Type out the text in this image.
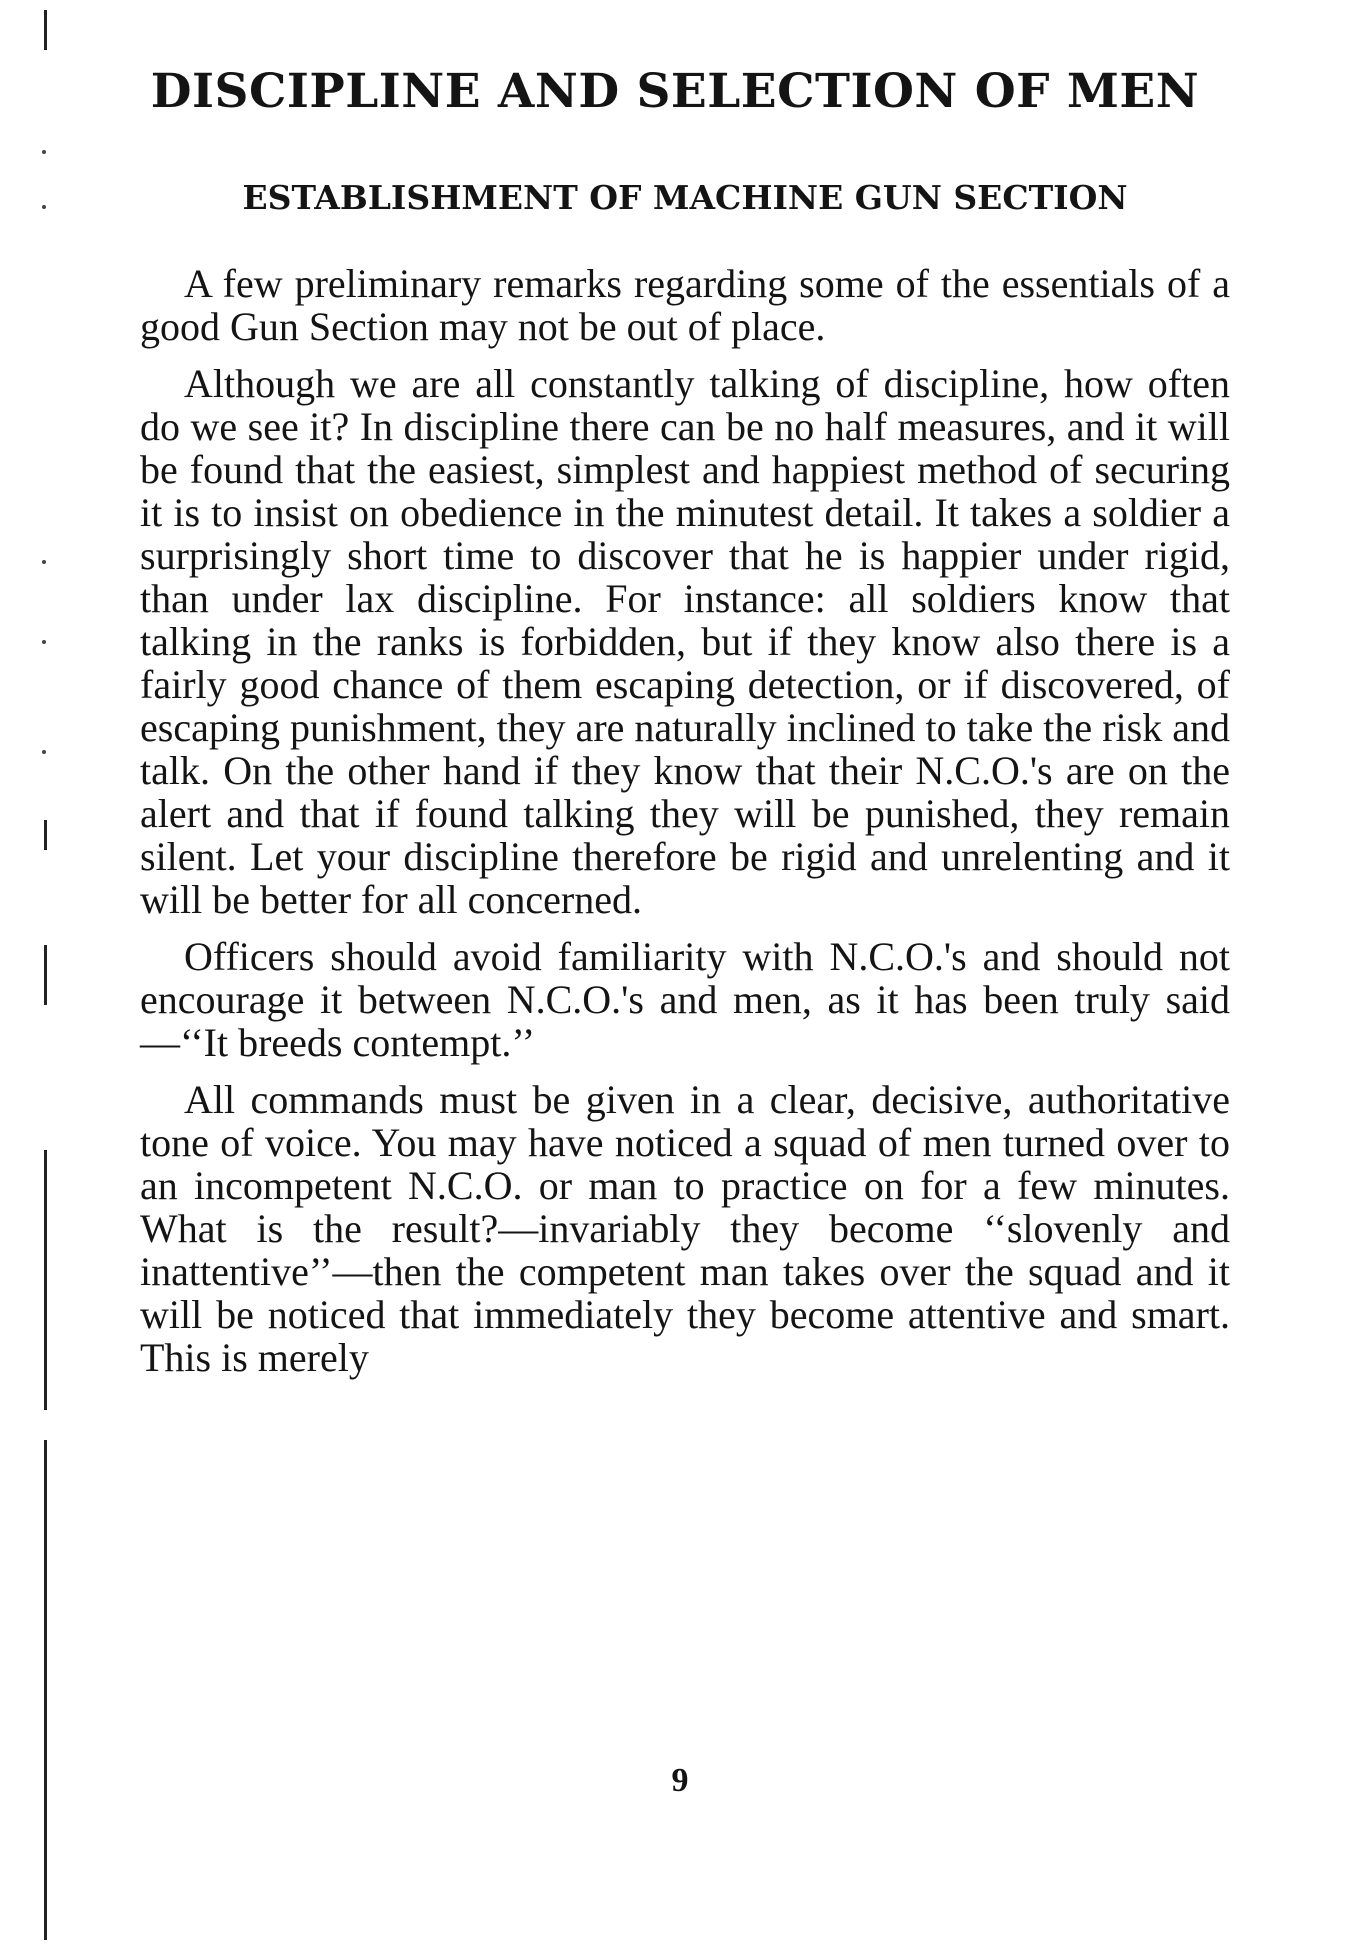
DISCIPLINE AND SELECTION OF MEN
ESTABLISHMENT OF MACHINE GUN SECTION

A few preliminary remarks regarding some of the essentials of a good Gun Section may not be out of place.

Although we are all constantly talking of discipline, how often do we see it? In discipline there can be no half measures, and it will be found that the easiest, simplest and happiest method of securing it is to insist on obedience in the minutest detail. It takes a soldier a surprisingly short time to discover that he is happier under rigid, than under lax discipline. For instance: all soldiers know that talking in the ranks is forbidden, but if they know also there is a fairly good chance of them escaping detection, or if discovered, of escaping punishment, they are naturally inclined to take the risk and talk. On the other hand if they know that their N.C.O.'s are on the alert and that if found talking they will be punished, they remain silent. Let your discipline therefore be rigid and unrelenting and it will be better for all concerned.

Officers should avoid familiarity with N.C.O.'s and should not encourage it between N.C.O.'s and men, as it has been truly said—‘‘It breeds contempt.’’

All commands must be given in a clear, decisive, authoritative tone of voice. You may have noticed a squad of men turned over to an incompetent N.C.O. or man to practice on for a few minutes. What is the result?—invariably they become ‘‘slovenly and inattentive’’—then the competent man takes over the squad and it will be noticed that immediately they become attentive and smart. This is merely

9
